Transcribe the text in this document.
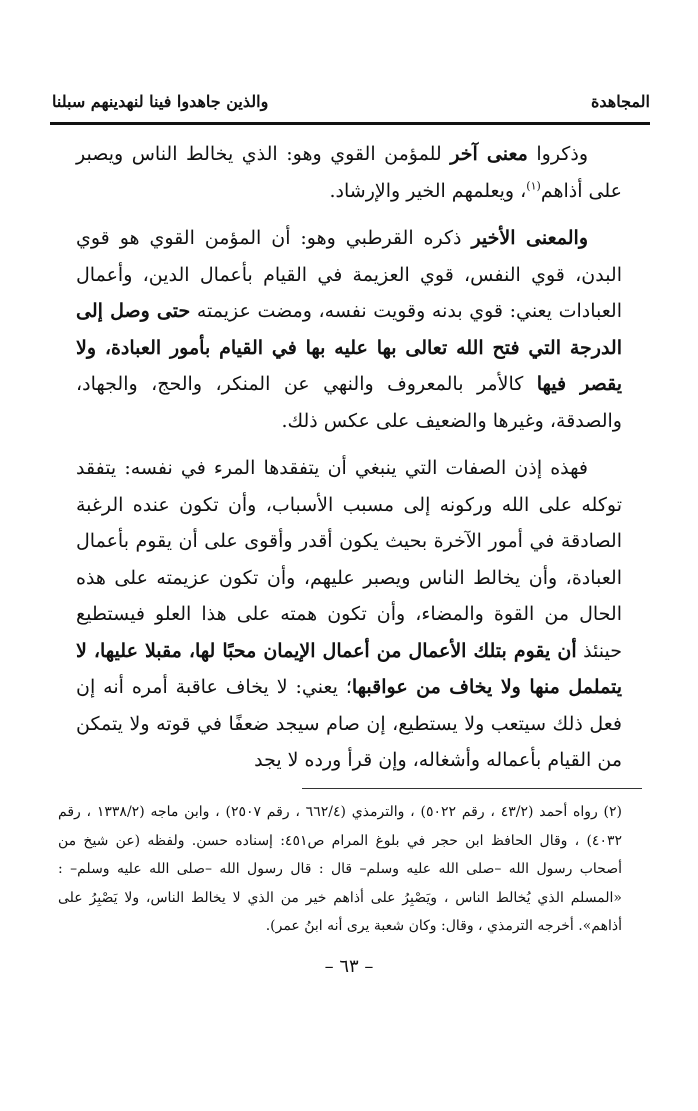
المجاهدة
والذين جاهدوا فينا لنهدينهم سبلنا

وذكروا معنى آخر للمؤمن القوي وهو: الذي يخالط الناس ويصبر على أذاهم$^{(١)}$، ويعلمهم الخير والإرشاد.

والمعنى الأخير ذكره القرطبي وهو: أن المؤمن القوي هو قوي البدن، قوي النفس، قوي العزيمة في القيام بأعمال الدين، وأعمال العبادات يعني: قوي بدنه وقويت نفسه، ومضت عزيمته حتى وصل إلى الدرجة التي فتح الله تعالى بها عليه بها في القيام بأمور العبادة، ولا يقصر فيها كالأمر بالمعروف والنهي عن المنكر، والحج، والجهاد، والصدقة، وغيرها والضعيف على عكس ذلك.

فهذه إذن الصفات التي ينبغي أن يتفقدها المرء في نفسه: يتفقد توكله على الله وركونه إلى مسبب الأسباب، وأن تكون عنده الرغبة الصادقة في أمور الآخرة بحيث يكون أقدر وأقوى على أن يقوم بأعمال العبادة، وأن يخالط الناس ويصبر عليهم، وأن تكون عزيمته على هذه الحال من القوة والمضاء، وأن تكون همته على هذا العلو فيستطيع حينئذ أن يقوم بتلك الأعمال من أعمال الإيمان محبًا لها، مقبلا عليها، لا يتململ منها ولا يخاف من عواقبها؛ يعني: لا يخاف عاقبة أمره أنه إن فعل ذلك سيتعب ولا يستطيع، إن صام سيجد ضعفًا في قوته ولا يتمكن من القيام بأعماله وأشغاله، وإن قرأ ورده لا يجد

(٢) رواه أحمد (٤٣/٢ ، رقم ٥٠٢٢) ، والترمذي (٦٦٢/٤ ، رقم ٢٥٠٧) ، وابن ماجه (١٣٣٨/٢ ، رقم ٤٠٣٢) ، وقال الحافظ ابن حجر في بلوغ المرام ص٤٥١: إسناده حسن. ولفظه (عن شيخ من أصحاب رسول الله –صلى الله عليه وسلم– قال : قال رسول الله –صلى الله عليه وسلم– : «المسلم الذي يُخالط الناس ، ويَصْبِرُ على أذاهم خير من الذي لا يخالط الناس، ولا يَصْبِرُ على أذاهم». أخرجه الترمذي ، وقال: وكان شعبة يرى أنه ابنُ عمر).
– ٦٣ –
